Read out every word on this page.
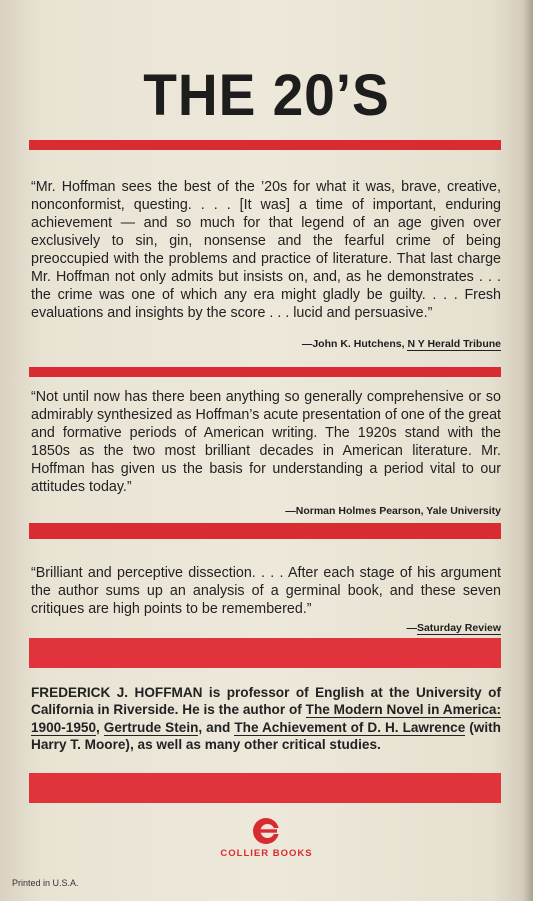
THE 20’S
“Mr. Hoffman sees the best of the ’20s for what it was, brave, creative, nonconformist, questing. . . . [It was] a time of important, enduring achievement — and so much for that legend of an age given over exclusively to sin, gin, nonsense and the fearful crime of being preoccupied with the problems and practice of literature. That last charge Mr. Hoffman not only admits but insists on, and, as he demonstrates . . . the crime was one of which any era might gladly be guilty. . . . Fresh evaluations and insights by the score . . . lucid and persuasive.”
—John K. Hutchens, N Y Herald Tribune
“Not until now has there been anything so generally comprehensive or so admirably synthesized as Hoffman’s acute presentation of one of the great and formative periods of American writing. The 1920s stand with the 1850s as the two most brilliant decades in American literature. Mr. Hoffman has given us the basis for understanding a period vital to our attitudes today.”
—Norman Holmes Pearson, Yale University
“Brilliant and perceptive dissection. . . . After each stage of his argument the author sums up an analysis of a germinal book, and these seven critiques are high points to be remembered.”
—Saturday Review
FREDERICK J. HOFFMAN is professor of English at the University of California in Riverside. He is the author of The Modern Novel in America: 1900-1950, Gertrude Stein, and The Achievement of D. H. Lawrence (with Harry T. Moore), as well as many other critical studies.
COLLIER BOOKS
Printed in U.S.A.
